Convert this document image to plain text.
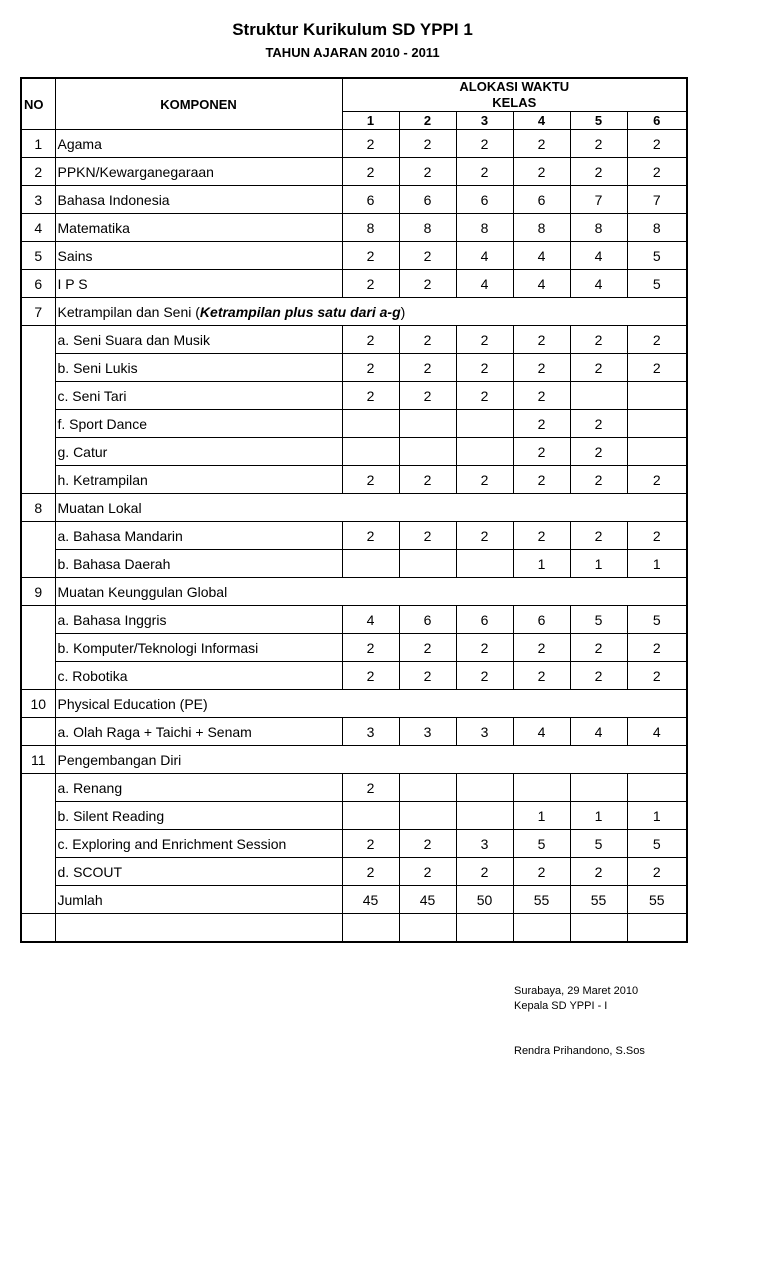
Struktur Kurikulum SD YPPI 1
TAHUN AJARAN 2010 - 2011
NO	KOMPONEN	ALOKASI WAKTU
KELAS					

		1	2	3	4	5	6
1	Agama	2	2	2	2	2	2
2	PPKN/Kewarganegaraan	2	2	2	2	2	2
3	Bahasa Indonesia	6	6	6	6	7	7
4	Matematika	8	8	8	8	8	8
5	Sains	2	2	4	4	4	5
6	I P S	2	2	4	4	4	5
7	Ketrampilan dan Seni (Ketrampilan plus satu dari a-g)						
	a. Seni Suara dan Musik	2	2	2	2	2	2
	b. Seni Lukis	2	2	2	2	2	2
	c. Seni Tari	2	2	2	2		
	f. Sport Dance				2	2	
	g. Catur				2	2	
	h. Ketrampilan	2	2	2	2	2	2
8	Muatan Lokal						
	a. Bahasa Mandarin	2	2	2	2	2	2
	b. Bahasa Daerah				1	1	1
9	Muatan Keunggulan Global						
	a. Bahasa Inggris	4	6	6	6	5	5
	b. Komputer/Teknologi Informasi	2	2	2	2	2	2
	c. Robotika	2	2	2	2	2	2
10	Physical Education (PE)						
	a. Olah Raga + Taichi + Senam	3	3	3	4	4	4
11	Pengembangan Diri						
	a. Renang	2					
	b. Silent Reading				1	1	1
	c. Exploring and Enrichment Session	2	2	3	5	5	5
	d. SCOUT	2	2	2	2	2	2
	Jumlah	45	45	50	55	55	55

Surabaya, 29 Maret 2010
Kepala SD YPPI - I
Rendra Prihandono, S.Sos
